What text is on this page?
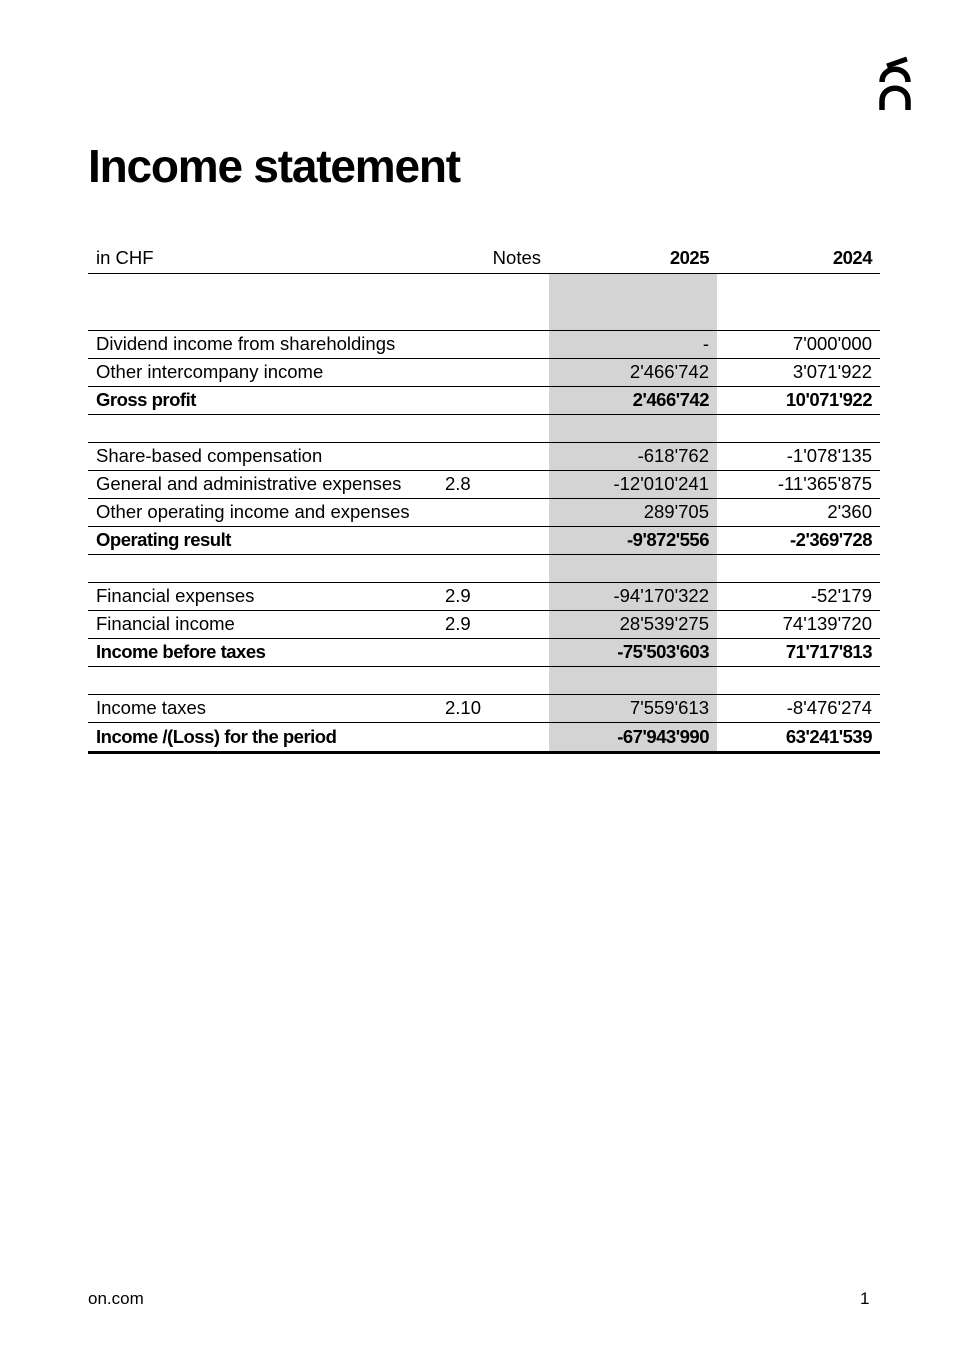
Income statement
in CHF	Notes	2025	2024

Dividend income from shareholdings		-	7'000'000
Other intercompany income		2'466'742	3'071'922
Gross profit		2'466'742	10'071'922

Share-based compensation		-618'762	-1'078'135
General and administrative expenses	2.8	-12'010'241	-11'365'875
Other operating income and expenses		289'705	2'360
Operating result		-9'872'556	-2'369'728

Financial expenses	2.9	-94'170'322	-52'179
Financial income	2.9	28'539'275	74'139'720
Income before taxes		-75'503'603	71'717'813

Income taxes	2.10	7'559'613	-8'476'274
Income /(Loss) for the period		-67'943'990	63'241'539
on.com	1
